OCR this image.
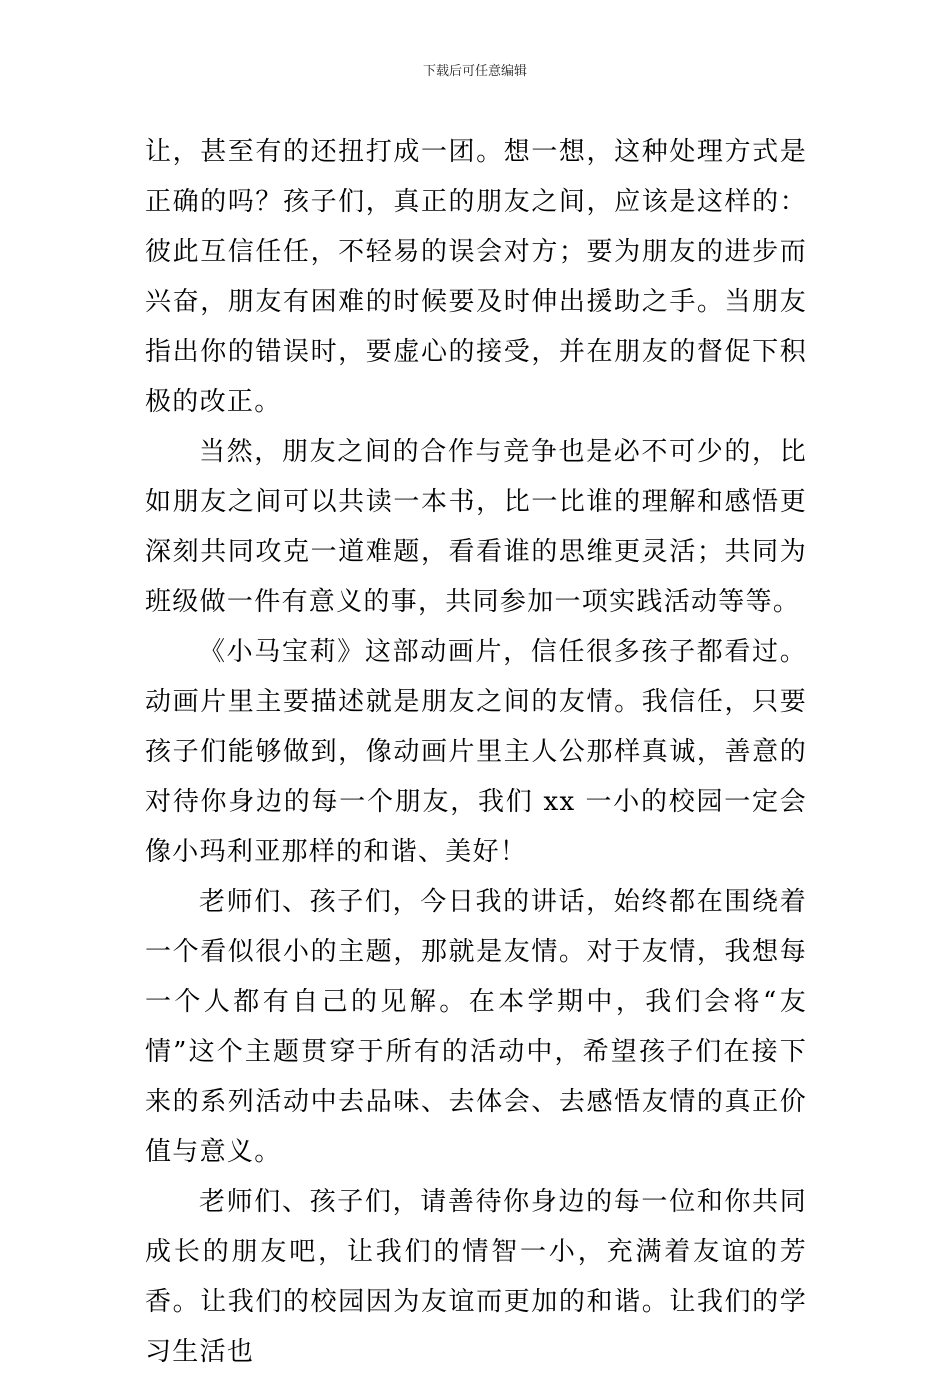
下载后可任意编辑

让，甚至有的还扭打成一团。想一想，这种处理方式是正确的吗？孩子们，真正的朋友之间，应该是这样的：彼此互信任任，不轻易的误会对方；要为朋友的进步而兴奋，朋友有困难的时候要及时伸出援助之手。当朋友指出你的错误时，要虚心的接受，并在朋友的督促下积极的改正。

当然，朋友之间的合作与竞争也是必不可少的，比如朋友之间可以共读一本书，比一比谁的理解和感悟更深刻共同攻克一道难题，看看谁的思维更灵活；共同为班级做一件有意义的事，共同参加一项实践活动等等。

《小马宝莉》这部动画片，信任很多孩子都看过。动画片里主要描述就是朋友之间的友情。我信任，只要孩子们能够做到，像动画片里主人公那样真诚，善意的对待你身边的每一个朋友，我们 xx 一小的校园一定会像小玛利亚那样的和谐、美好！

老师们、孩子们，今日我的讲话，始终都在围绕着一个看似很小的主题，那就是友情。对于友情，我想每一个人都有自己的见解。在本学期中，我们会将“友情”这个主题贯穿于所有的活动中，希望孩子们在接下来的系列活动中去品味、去体会、去感悟友情的真正价值与意义。

老师们、孩子们，请善待你身边的每一位和你共同成长的朋友吧，让我们的情智一小，充满着友谊的芳香。让我们的校园因为友谊而更加的和谐。让我们的学习生活也
